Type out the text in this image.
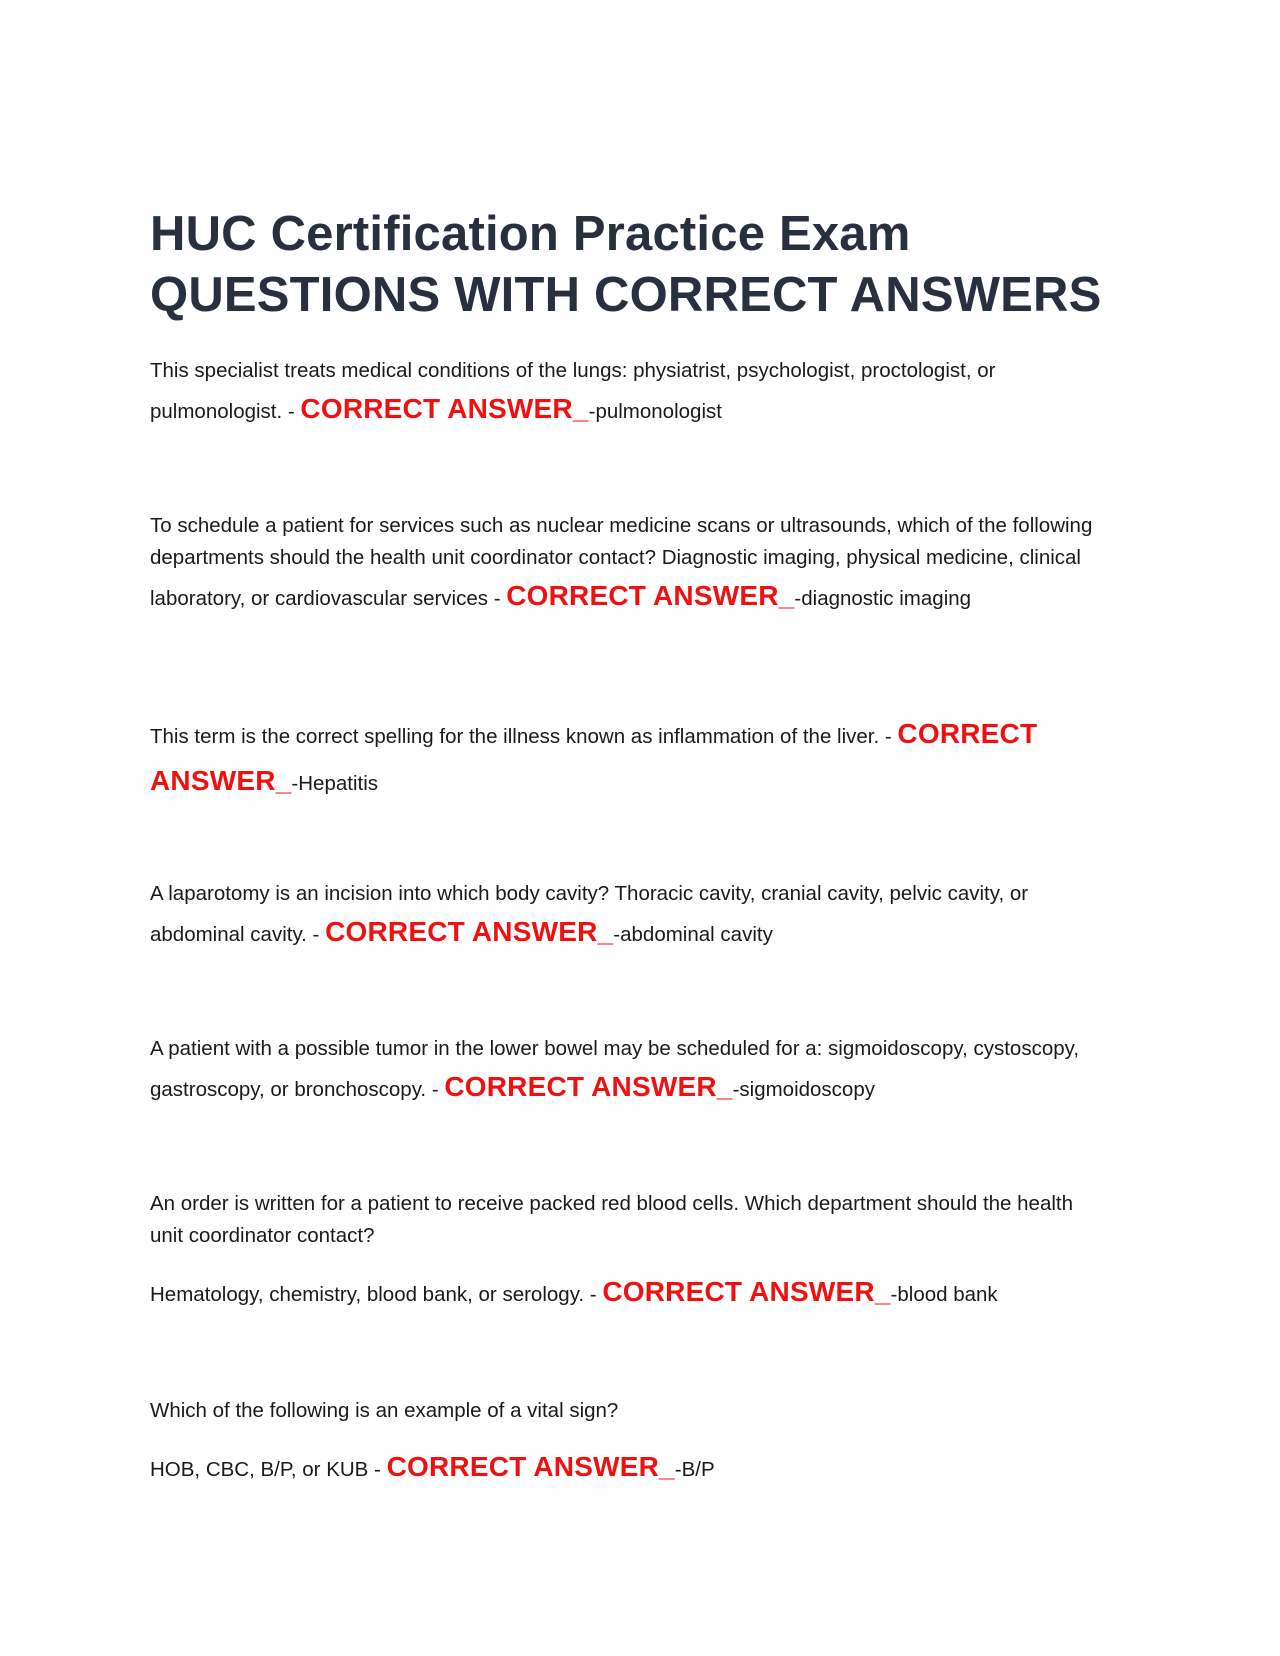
HUC Certification Practice Exam
QUESTIONS WITH CORRECT ANSWERS

This specialist treats medical conditions of the lungs: physiatrist, psychologist, proctologist, or

pulmonologist. - CORRECT ANSWER_-pulmonologist

To schedule a patient for services such as nuclear medicine scans or ultrasounds, which of the following

departments should the health unit coordinator contact? Diagnostic imaging, physical medicine, clinical

laboratory, or cardiovascular services - CORRECT ANSWER_-diagnostic imaging

This term is the correct spelling for the illness known as inflammation of the liver. - CORRECT

ANSWER_-Hepatitis

A laparotomy is an incision into which body cavity? Thoracic cavity, cranial cavity, pelvic cavity, or

abdominal cavity. - CORRECT ANSWER_-abdominal cavity

A patient with a possible tumor in the lower bowel may be scheduled for a: sigmoidoscopy, cystoscopy,

gastroscopy, or bronchoscopy. - CORRECT ANSWER_-sigmoidoscopy

An order is written for a patient to receive packed red blood cells. Which department should the health

unit coordinator contact?

Hematology, chemistry, blood bank, or serology. - CORRECT ANSWER_-blood bank

Which of the following is an example of a vital sign?

HOB, CBC, B/P, or KUB - CORRECT ANSWER_-B/P
